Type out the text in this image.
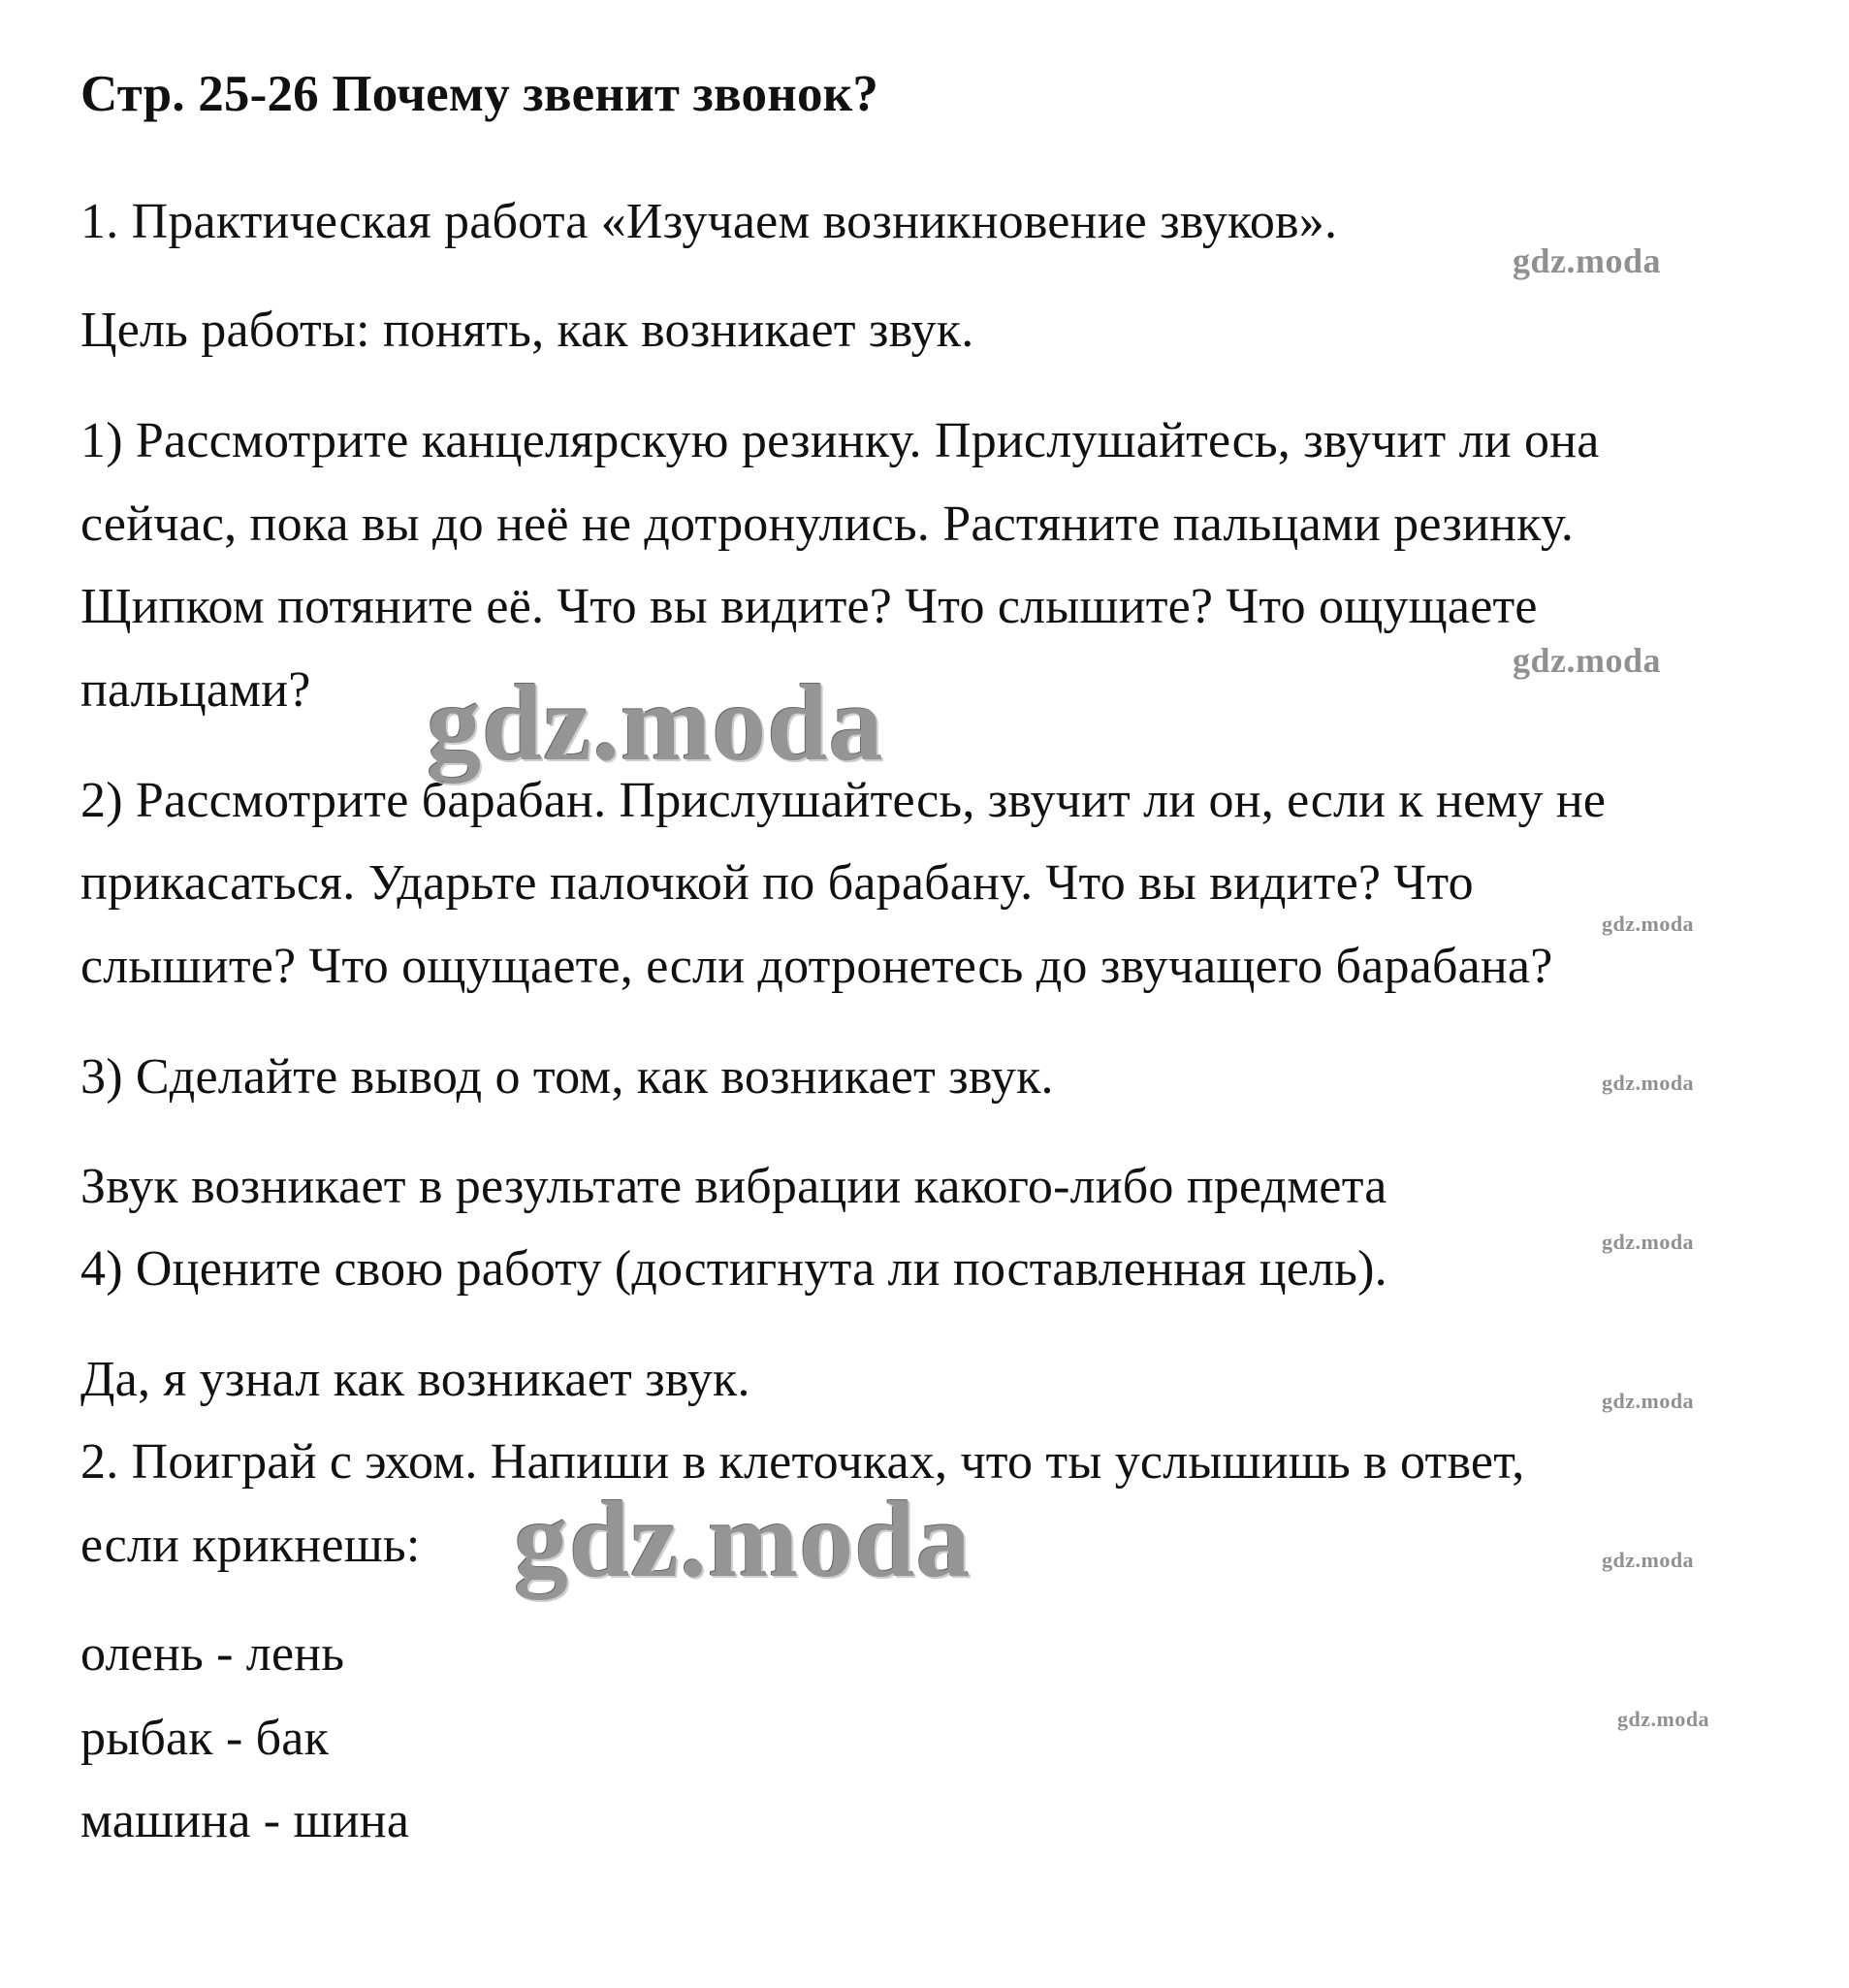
Стр. 25-26 Почему звенит звонок?
1. Практическая работа «Изучаем возникновение звуков».
Цель работы: понять, как возникает звук.
1) Рассмотрите канцелярскую резинку. Прислушайтесь, звучит ли она
сейчас, пока вы до неё не дотронулись. Растяните пальцами резинку.
Щипком потяните её. Что вы видите? Что слышите? Что ощущаете
пальцами?
2) Рассмотрите барабан. Прислушайтесь, звучит ли он, если к нему не
прикасаться. Ударьте палочкой по барабану. Что вы видите? Что
слышите? Что ощущаете, если дотронетесь до звучащего барабана?
3) Сделайте вывод о том, как возникает звук.
Звук возникает в результате вибрации какого-либо предмета
4) Оцените свою работу (достигнута ли поставленная цель).
Да, я узнал как возникает звук.
2. Поиграй с эхом. Напиши в клеточках, что ты услышишь в ответ,
если крикнешь:
олень - лень
рыбак - бак
машина - шина
gdz.moda
gdz.moda
gdz.moda
gdz.moda
gdz.moda
gdz.moda
gdz.moda
gdz.moda	gdz.moda
gdz.moda
